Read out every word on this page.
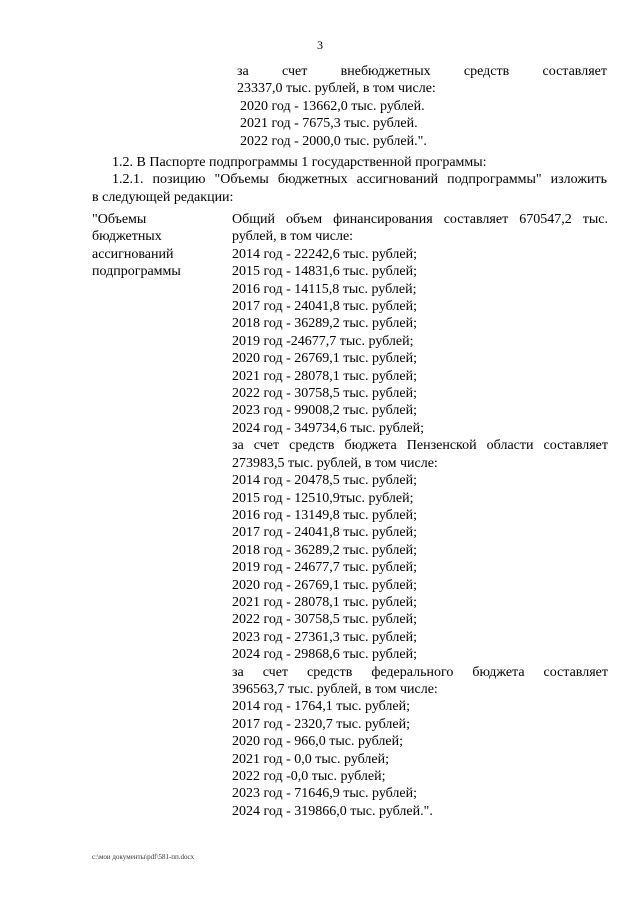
3
за счет внебюджетных средств составляет
23337,0 тыс. рублей, в том числе:
2020 год - 13662,0 тыс. рублей.
2021 год - 7675,3 тыс. рублей.
2022 год - 2000,0 тыс. рублей.".
1.2. В Паспорте подпрограммы 1 государственной программы:
1.2.1. позицию "Объемы бюджетных ассигнований подпрограммы" изложить
в следующей редакции:
"Объемы
бюджетных
ассигнований
подпрограммы
Общий объем финансирования составляет 670547,2 тыс.
рублей, в том числе:
2014 год - 22242,6 тыс. рублей;
2015 год - 14831,6 тыс. рублей;
2016 год - 14115,8 тыс. рублей;
2017 год - 24041,8 тыс. рублей;
2018 год - 36289,2 тыс. рублей;
2019 год -24677,7 тыс. рублей;
2020 год - 26769,1 тыс. рублей;
2021 год - 28078,1 тыс. рублей;
2022 год - 30758,5 тыс. рублей;
2023 год - 99008,2 тыс. рублей;
2024 год - 349734,6 тыс. рублей;
за счет средств бюджета Пензенской области составляет
273983,5 тыс. рублей, в том числе:
2014 год - 20478,5 тыс. рублей;
2015 год - 12510,9тыс. рублей;
2016 год - 13149,8 тыс. рублей;
2017 год - 24041,8 тыс. рублей;
2018 год - 36289,2 тыс. рублей;
2019 год - 24677,7 тыс. рублей;
2020 год - 26769,1 тыс. рублей;
2021 год - 28078,1 тыс. рублей;
2022 год - 30758,5 тыс. рублей;
2023 год - 27361,3 тыс. рублей;
2024 год - 29868,6 тыс. рублей;
за счет средств федерального бюджета составляет
396563,7 тыс. рублей, в том числе:
2014 год - 1764,1 тыс. рублей;
2017 год - 2320,7 тыс. рублей;
2020 год - 966,0 тыс. рублей;
2021 год - 0,0 тыс. рублей;
2022 год -0,0 тыс. рублей;
2023 год - 71646,9 тыс. рублей;
2024 год - 319866,0 тыс. рублей.".
c:\мои документы\pdf\581-пп.docx
